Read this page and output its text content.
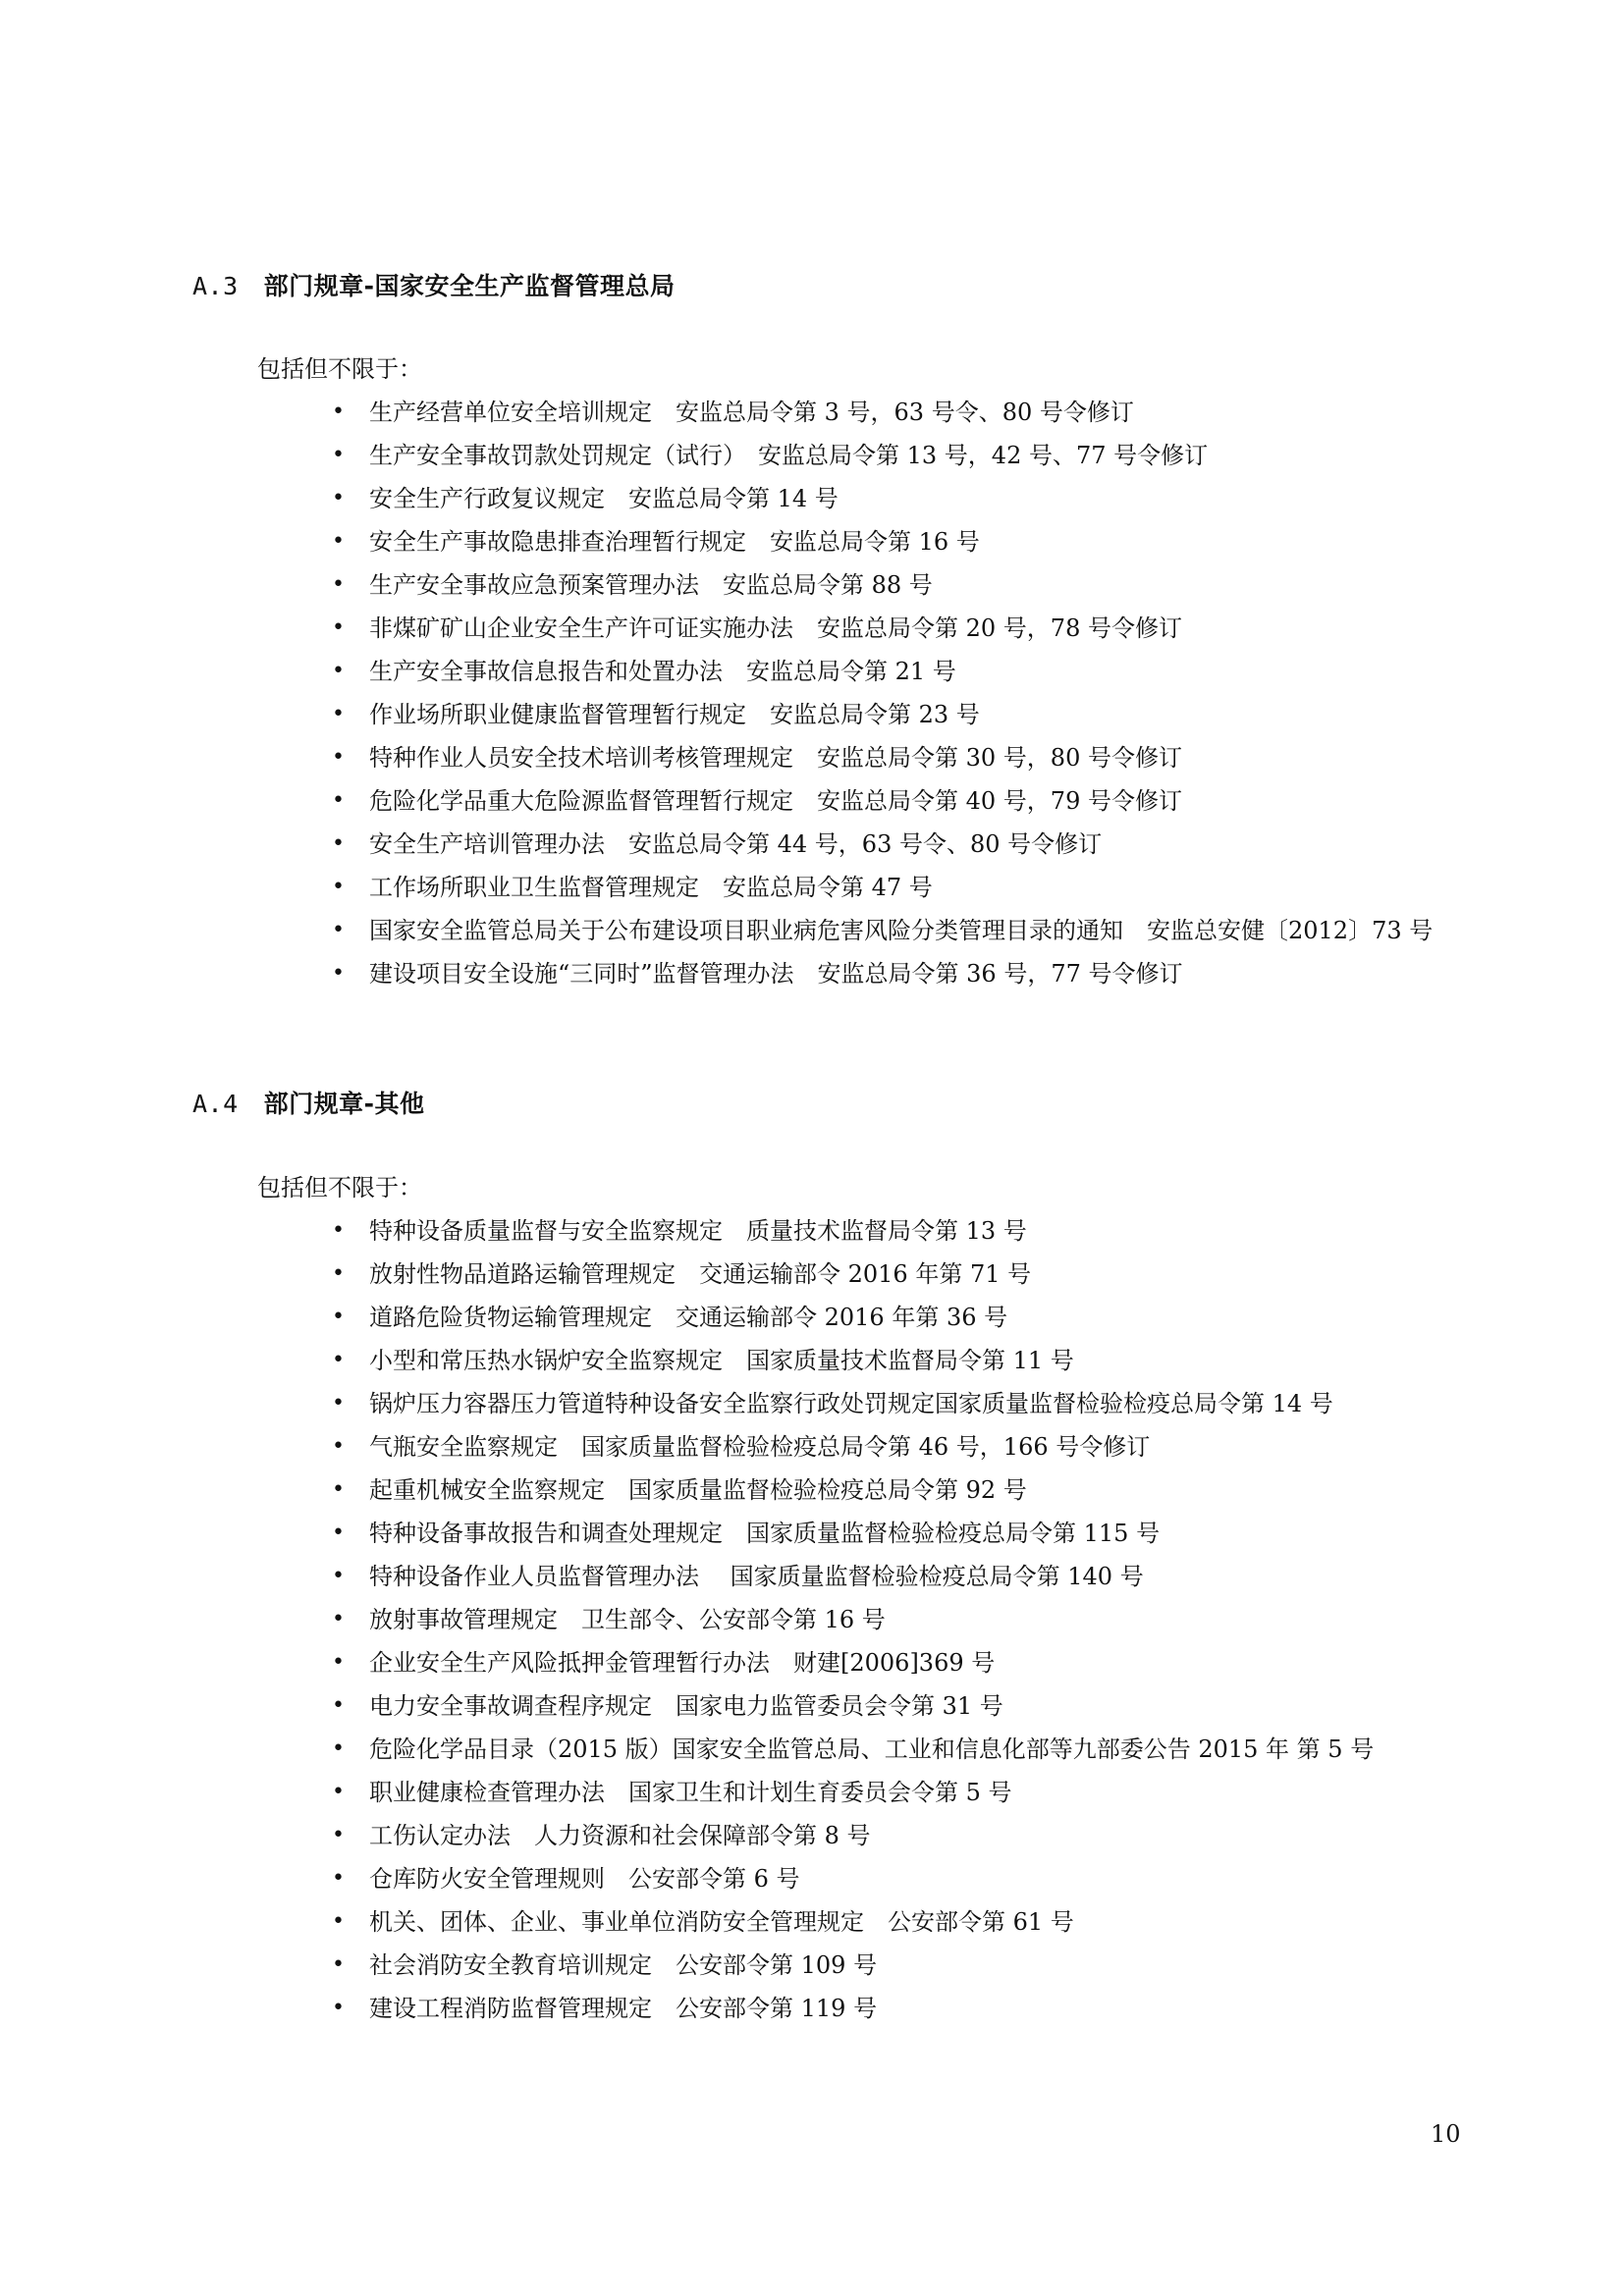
A.3 部门规章-国家安全生产监督管理总局
包括但不限于：
• 生产经营单位安全培训规定　安监总局令第 3 号，63 号令、80 号令修订
• 生产安全事故罚款处罚规定（试行）　安监总局令第 13 号，42 号、77 号令修订
• 安全生产行政复议规定　安监总局令第 14 号
• 安全生产事故隐患排查治理暂行规定　安监总局令第 16 号
• 生产安全事故应急预案管理办法　安监总局令第 88 号
• 非煤矿矿山企业安全生产许可证实施办法　安监总局令第 20 号，78 号令修订
• 生产安全事故信息报告和处置办法　安监总局令第 21 号
• 作业场所职业健康监督管理暂行规定　安监总局令第 23 号
• 特种作业人员安全技术培训考核管理规定　安监总局令第 30 号，80 号令修订
• 危险化学品重大危险源监督管理暂行规定　安监总局令第 40 号，79 号令修订
• 安全生产培训管理办法　安监总局令第 44 号，63 号令、80 号令修订
• 工作场所职业卫生监督管理规定　安监总局令第 47 号
• 国家安全监管总局关于公布建设项目职业病危害风险分类管理目录的通知　安监总安健〔2012〕73 号
• 建设项目安全设施“三同时”监督管理办法　安监总局令第 36 号，77 号令修订
A.4 部门规章-其他
包括但不限于：
• 特种设备质量监督与安全监察规定　质量技术监督局令第 13 号
• 放射性物品道路运输管理规定　交通运输部令 2016 年第 71 号
• 道路危险货物运输管理规定　交通运输部令 2016 年第 36 号
• 小型和常压热水锅炉安全监察规定　国家质量技术监督局令第 11 号
• 锅炉压力容器压力管道特种设备安全监察行政处罚规定国家质量监督检验检疫总局令第 14 号
• 气瓶安全监察规定　国家质量监督检验检疫总局令第 46 号，166 号令修订
• 起重机械安全监察规定　国家质量监督检验检疫总局令第 92 号
• 特种设备事故报告和调查处理规定　国家质量监督检验检疫总局令第 115 号
• 特种设备作业人员监督管理办法　 国家质量监督检验检疫总局令第 140 号
• 放射事故管理规定　卫生部令、公安部令第 16 号
• 企业安全生产风险抵押金管理暂行办法　财建[2006]369 号
• 电力安全事故调查程序规定　国家电力监管委员会令第 31 号
• 危险化学品目录（2015 版）国家安全监管总局、工业和信息化部等九部委公告 2015 年 第 5 号
• 职业健康检查管理办法　国家卫生和计划生育委员会令第 5 号
• 工伤认定办法　人力资源和社会保障部令第 8 号
• 仓库防火安全管理规则　公安部令第 6 号
• 机关、团体、企业、事业单位消防安全管理规定　公安部令第 61 号
• 社会消防安全教育培训规定　公安部令第 109 号
• 建设工程消防监督管理规定　公安部令第 119 号
10
